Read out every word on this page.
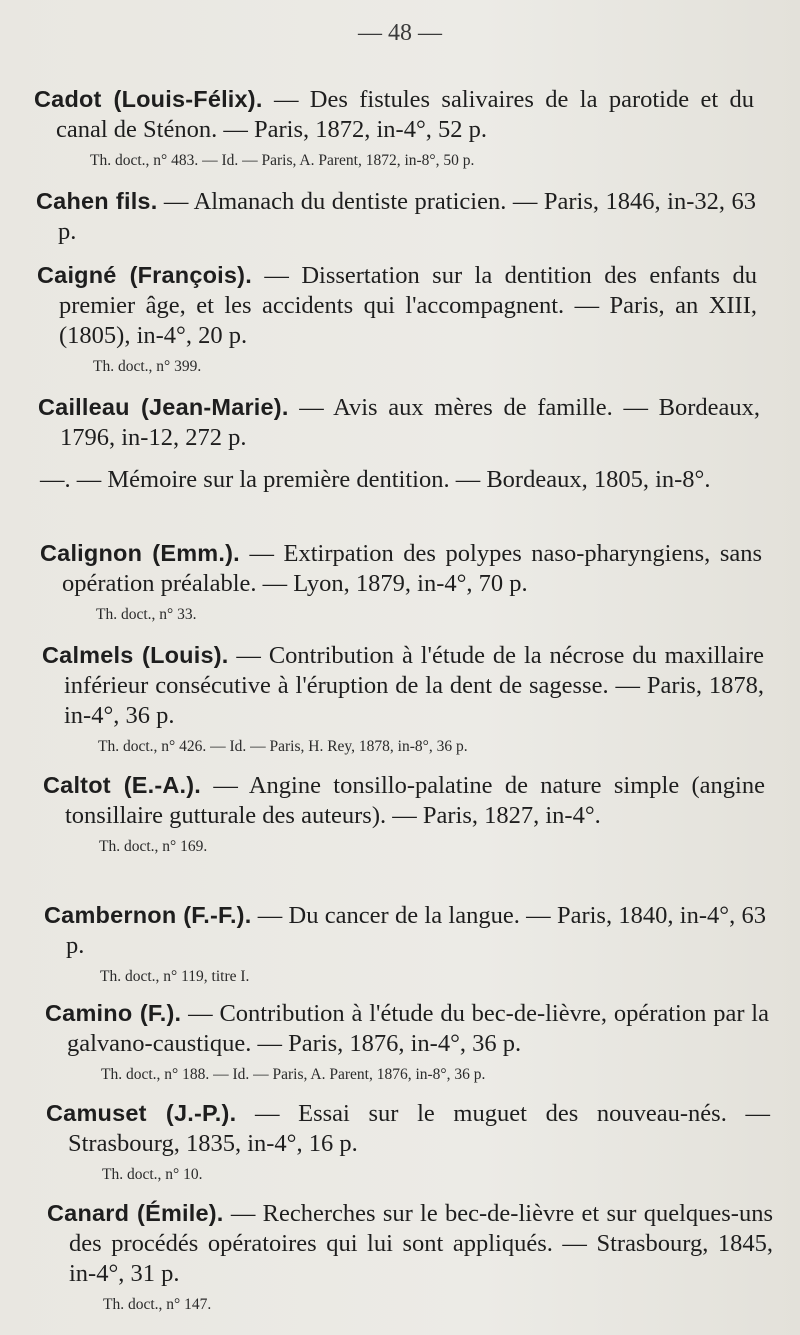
— 48 —
Cadot (Louis-Félix). — Des fistules salivaires de la parotide et du canal de Sténon. — Paris, 1872, in-4°, 52 p.
Th. doct., n° 483. — Id. — Paris, A. Parent, 1872, in-8°, 50 p.
Cahen fils. — Almanach du dentiste praticien. — Paris, 1846, in-32, 63 p.
Caigné (François). — Dissertation sur la dentition des enfants du premier âge, et les accidents qui l'accompagnent. — Paris, an XIII, (1805), in-4°, 20 p.
Th. doct., n° 399.
Cailleau (Jean-Marie). — Avis aux mères de famille. — Bordeaux, 1796, in-12, 272 p.
—. — Mémoire sur la première dentition. — Bordeaux, 1805, in-8°.
Calignon (Emm.). — Extirpation des polypes naso-pharyngiens, sans opération préalable. — Lyon, 1879, in-4°, 70 p.
Th. doct., n° 33.
Calmels (Louis). — Contribution à l'étude de la nécrose du maxillaire inférieur consécutive à l'éruption de la dent de sagesse. — Paris, 1878, in-4°, 36 p.
Th. doct., n° 426. — Id. — Paris, H. Rey, 1878, in-8°, 36 p.
Caltot (E.-A.). — Angine tonsillo-palatine de nature simple (angine tonsillaire gutturale des auteurs). — Paris, 1827, in-4°.
Th. doct., n° 169.
Cambernon (F.-F.). — Du cancer de la langue. — Paris, 1840, in-4°, 63 p.
Th. doct., n° 119, titre I.
Camino (F.). — Contribution à l'étude du bec-de-lièvre, opération par la galvano-caustique. — Paris, 1876, in-4°, 36 p.
Th. doct., n° 188. — Id. — Paris, A. Parent, 1876, in-8°, 36 p.
Camuset (J.-P.). — Essai sur le muguet des nouveau-nés. — Strasbourg, 1835, in-4°, 16 p.
Th. doct., n° 10.
Canard (Émile). — Recherches sur le bec-de-lièvre et sur quelques-uns des procédés opératoires qui lui sont appliqués. — Strasbourg, 1845, in-4°, 31 p.
Th. doct., n° 147.
